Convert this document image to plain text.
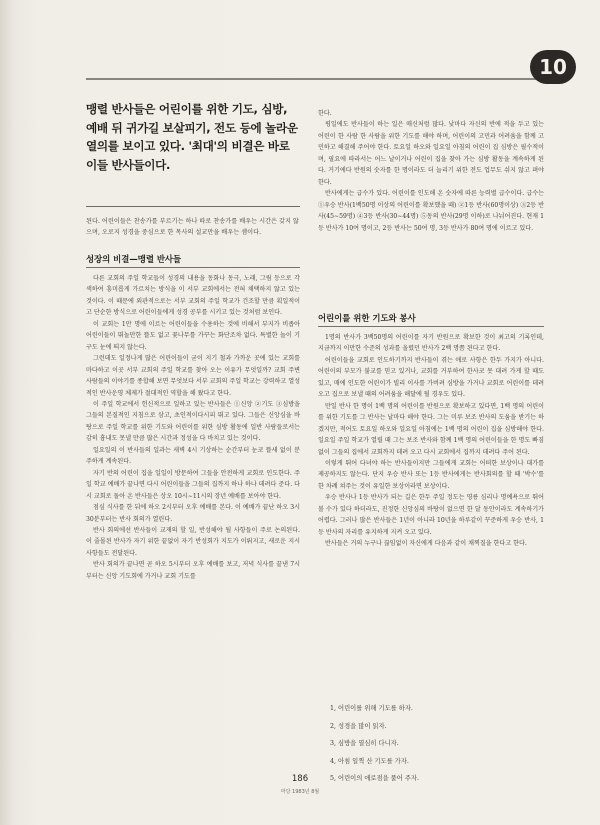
10
맹렬 반사들은 어린이를 위한 기도, 심방, 예배 뒤 귀가길 보살피기, 전도 등에 놀라운 열의를 보이고 있다. '최대'의 비결은 바로 이들 반사들이다.
된다. 어린이들은 찬송가를 부르기는 하나 따로 찬송가를 배우는 시간은 갖지 않으며, 오로지 성경을 중심으로 한 목사의 설교만을 배우는 셈이다.
성장의 비결—맹렬 반사들

다른 교회의 주일 학교들이 성경의 내용을 동화나 동극, 노래, 그림 등으로 각색하여 흥미롭게 가르치는 방식을 이 서부 교회에서는 전혀 채택하지 않고 있는 것이다. 이 때문에 외관적으로는 서부 교회의 주일 학교가 건조할 만큼 획일적이고 단순한 방식으로 어린이들에게 성경 공부를 시키고 있는 것처럼 보인다.

이 교회는 1만 명에 이르는 어린이들을 수용하는 것에 비해서 부지가 비좁아 어린이들이 뛰놀만한 뜰도 없고 꽃나무를 가꾸는 화단조차 없다. 특별한 놀이 기구도 눈에 띄지 않는다.

그런데도 일정나게 많은 어린이들이 굳이 지기 철과 가까운 곳에 있는 교회를 마다하고 이곳 서부 교회의 주일 학교를 찾아 오는 이유가 무엇일까? 교회 주변 사람들의 이야기를 종합해 보면 무엇보다 서부 교회의 주일 학교는 강력하고 열성적인 반사운영 체제가 절대적인 역할을 해 왔다고 한다.

이 주일 학교에서 헌신적으로 일하고 있는 반사들은 ①신앙 ②기도 ③심방을 그들의 본질적인 지침으로 삼고, 초인적이다시피 뛰고 있다. 그들은 신앙심을 바탕으로 주일 학교를 위한 기도와 어린이를 위한 심방 활동에 일반 사람들로서는 감히 흉내도 못낼 만큼 많은 시간과 정성을 다 바치고 있는 것이다.

일요일의 이 반사들의 일과는 새벽 4시 기상하는 순간부터 눈코 뜰새 없이 분주하게 계속된다.

자기 반의 어린이 집을 일일이 방문하여 그들을 안전하게 교회로 인도한다. 주일 학교 예배가 끝나면 다시 어린이들을 그들의 집까지 하나 하나 데려다 준다. 다시 교회로 돌아 온 반사들은 상오 10시∼11시의 장년 예배를 보아야 한다.

점심 식사를 한 뒤에 하오 2시부터 오후 예배를 본다. 이 예배가 끝난 하오 3시 30분부터는 반사 회의가 열린다.

반사 회의에선 반사들이 교재의 할 일, 반성해야 될 사항들이 주로 논의된다. 이 줄몰된 반사가 자기 위한 끝없이 자기 반성회가 지도가 이뤄지고, 새로운 지시 사항들도 전달된다.

반사 회의가 끝나면 곧 하오 5시부터 오후 예배를 보고, 저녁 식사를 끝낸 7시부터는 신앙 기도회에 가거나 교회 기도를

한다.

평일에도 반사들이 하는 일은 매신처럼 많다. 낮마다 자신의 반에 적을 두고 있는 어린이 한 사람 한 사람을 위한 기도를 해야 하며, 어린이의 고민과 어려움을 함께 고민하고 해결해 주어야 한다. 토요일 하오와 일요일 아침의 어린이 집 심방은 필수적이며, 필요에 따라서는 어느 날이거나 어린이 집을 찾아 가는 심방 활동을 계속하게 된다. 거기에다 반원의 숫자를 한 명이라도 더 늘리기 위한 전도 업무도 쉬지 않고 펴야 한다.

반사에게는 급수가 있다. 어린이를 인도해 온 숫자에 따른 능력별 급수이다. 급수는 ①우승 반사(1백50명 이상의 어린이를 확보했을 때) ②1등 반사(60명이상) ③2등 반사(45∼59명) ④3등 반사(30∼44명) ⑤동의 반사(29명 이하)로 나눠어진다. 현재 1등 반사가 10여 명이고, 2등 반사는 50여 명, 3등 반사가 80여 명에 이르고 있다.

어린이를 위한 기도와 봉사

1명의 반사가 3백50명의 어린이를 자기 반원으로 확보한 것이 최고의 기록인데, 지금까지 이만한 수준의 성과를 올렸던 반사가 2백 명쯤 된다고 한다.

어린이들을 교회로 인도하기까지 반사들이 겪는 애로 사항은 한두 가지가 아니다. 어린이의 부모가 불교를 믿고 있거나, 교회를 거부하여 한사코 못 대려 가게 할 때도 있고, 매에 인도한 어린이가 빌리 이사를 가버려 심방을 가거나 교회로 어린이를 데려 오고 집으로 보낼 때의 어려움을 해달에 될 경우도 있다.

만일 반사 한 명이 1백 명의 어린이를 반원으로 확보하고 있다면, 1백 명의 어린이를 위한 기도를 그 반사는 날마다 해야 한다. 그는 미루 보조 반사의 도움을 받기는 하겠지만, 적어도 토요일 하오와 일요일 아침에는 1백 명의 어린이 집을 심방해야 한다. 일요일 주일 학교가 열릴 때 그는 보조 반사와 함께 1백 명의 어린이들을 한 명도 빠짐 없이 그들의 집에서 교회까지 데려 오고 다시 교회에서 집까지 데려다 주어 된다.

이렇게 뛰어 다녀야 하는 반사들이지만 그들에게 교회는 어떠한 보상이나 대가를 제공하지도 않는다. 단지 우승 반사 또는 1등 반사에게는 반사회의를 할 때 '박수'를 한 차례 쳐주는 것이 유일한 보상이라면 보상이다.

우승 반사나 1등 반사가 되는 길은 한두 주일 정도는 영릉 심리나 명예욕으로 뛰어볼 수가 있다 하더라도, 진정한 신앙심의 바탕이 없으면 한 달 동안이라도 계속하기가 어렵다. 그러나 많은 반사들은 1년이 아니라 10년을 하루같이 꾸준하게 우승 반사, 1등 반사의 자리를 유지하게 지켜 오고 있다.

반사들은 거의 누구나 끊임없이 자신에게 다음과 같이 채찍질을 한다고 한다.

1, 어린이를 위해 기도를 하자.
2, 성경을 많이 읽자.
3, 심방을 열심히 다니자.
4, 아침 일찍 산 기도를 가자.
5, 어린이의 애로점을 풀어 주자.
186
마당 1983년 8월
